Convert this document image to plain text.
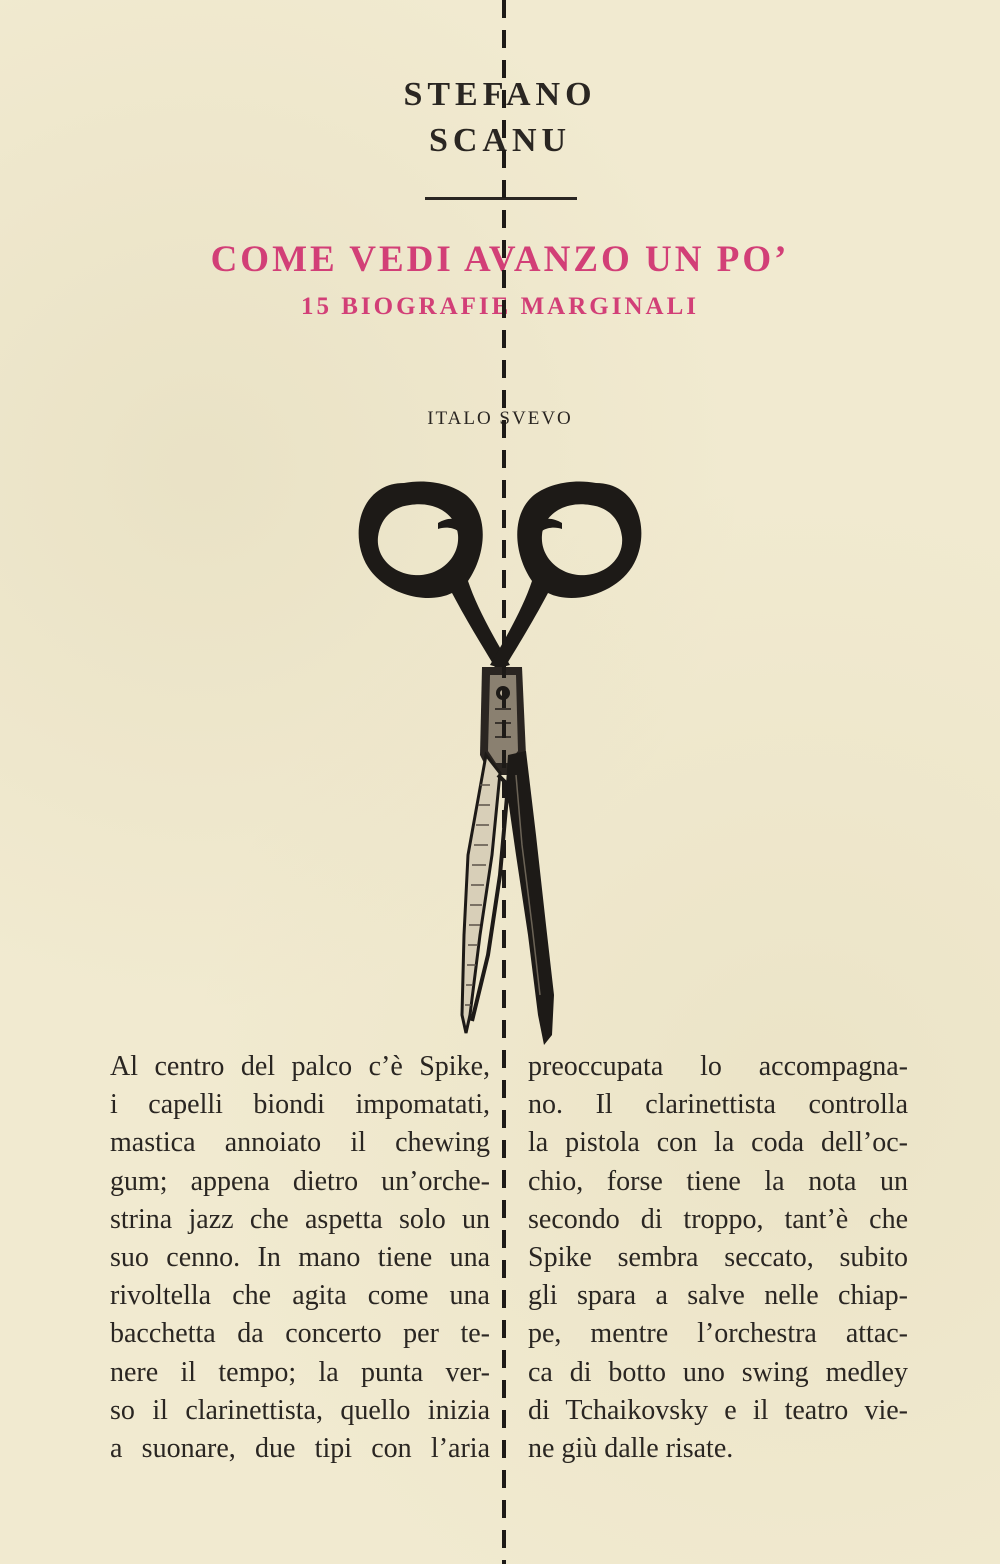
STEFANO
SCANU
COME VEDI AVANZO UN PO’
15 BIOGRAFIE MARGINALI
ITALO SVEVO
Al centro del palco c’è Spike,
i capelli biondi impomatati,
mastica annoiato il chewing
gum; appena dietro un’orche-
strina jazz che aspetta solo un
suo cenno. In mano tiene una
rivoltella che agita come una
bacchetta da concerto per te-
nere il tempo; la punta ver-
so il clarinettista, quello inizia
a suonare, due tipi con l’aria
preoccupata lo accompagna-
no. Il clarinettista controlla
la pistola con la coda dell’oc-
chio, forse tiene la nota un
secondo di troppo, tant’è che
Spike sembra seccato, subito
gli spara a salve nelle chiap-
pe, mentre l’orchestra attac-
ca di botto uno swing medley
di Tchaikovsky e il teatro vie-
ne giù dalle risate.
